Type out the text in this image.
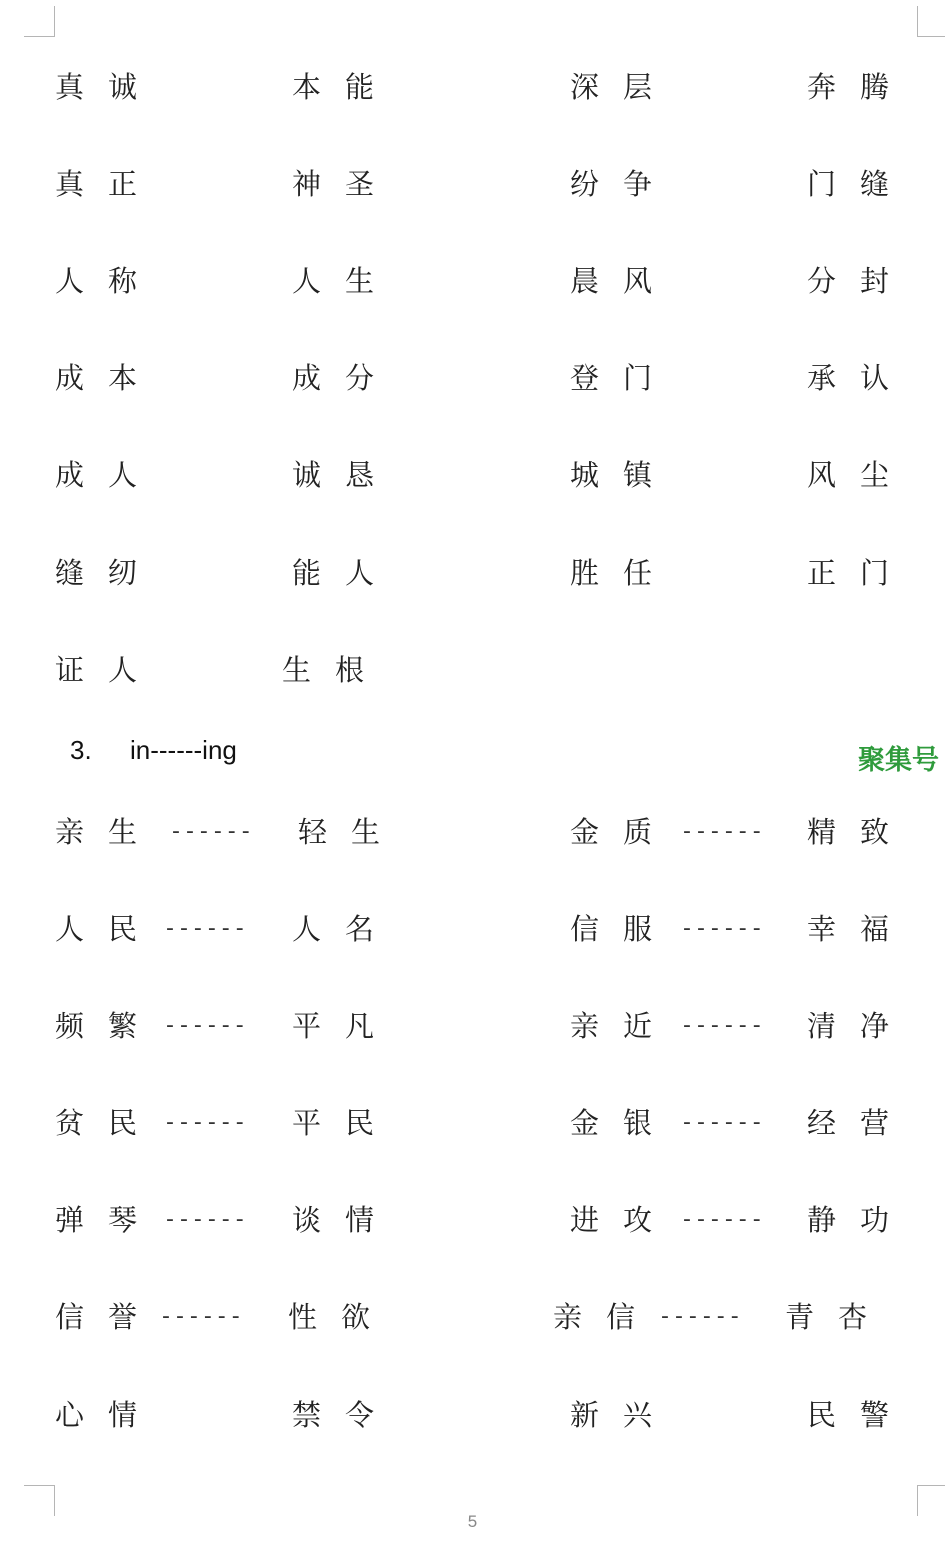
真诚	本能	深层	奔腾
真正	神圣	纷争	门缝
人称	人生	晨风	分封
成本	成分	登门	承认
成人	诚恳	城镇	风尘
缝纫	能人	胜任	正门
证人	生根
3. in------ing	聚集号
亲生 ------ 轻生	金质 ------ 精致
人民 ------ 人名	信服 ------ 幸福
频繁 ------ 平凡	亲近 ------ 清净
贫民 ------ 平民	金银 ------ 经营
弹琴 ------ 谈情	进攻 ------ 静功
信誉 ------ 性欲	亲信 ------ 青杏
心情	禁令	新兴	民警
5
